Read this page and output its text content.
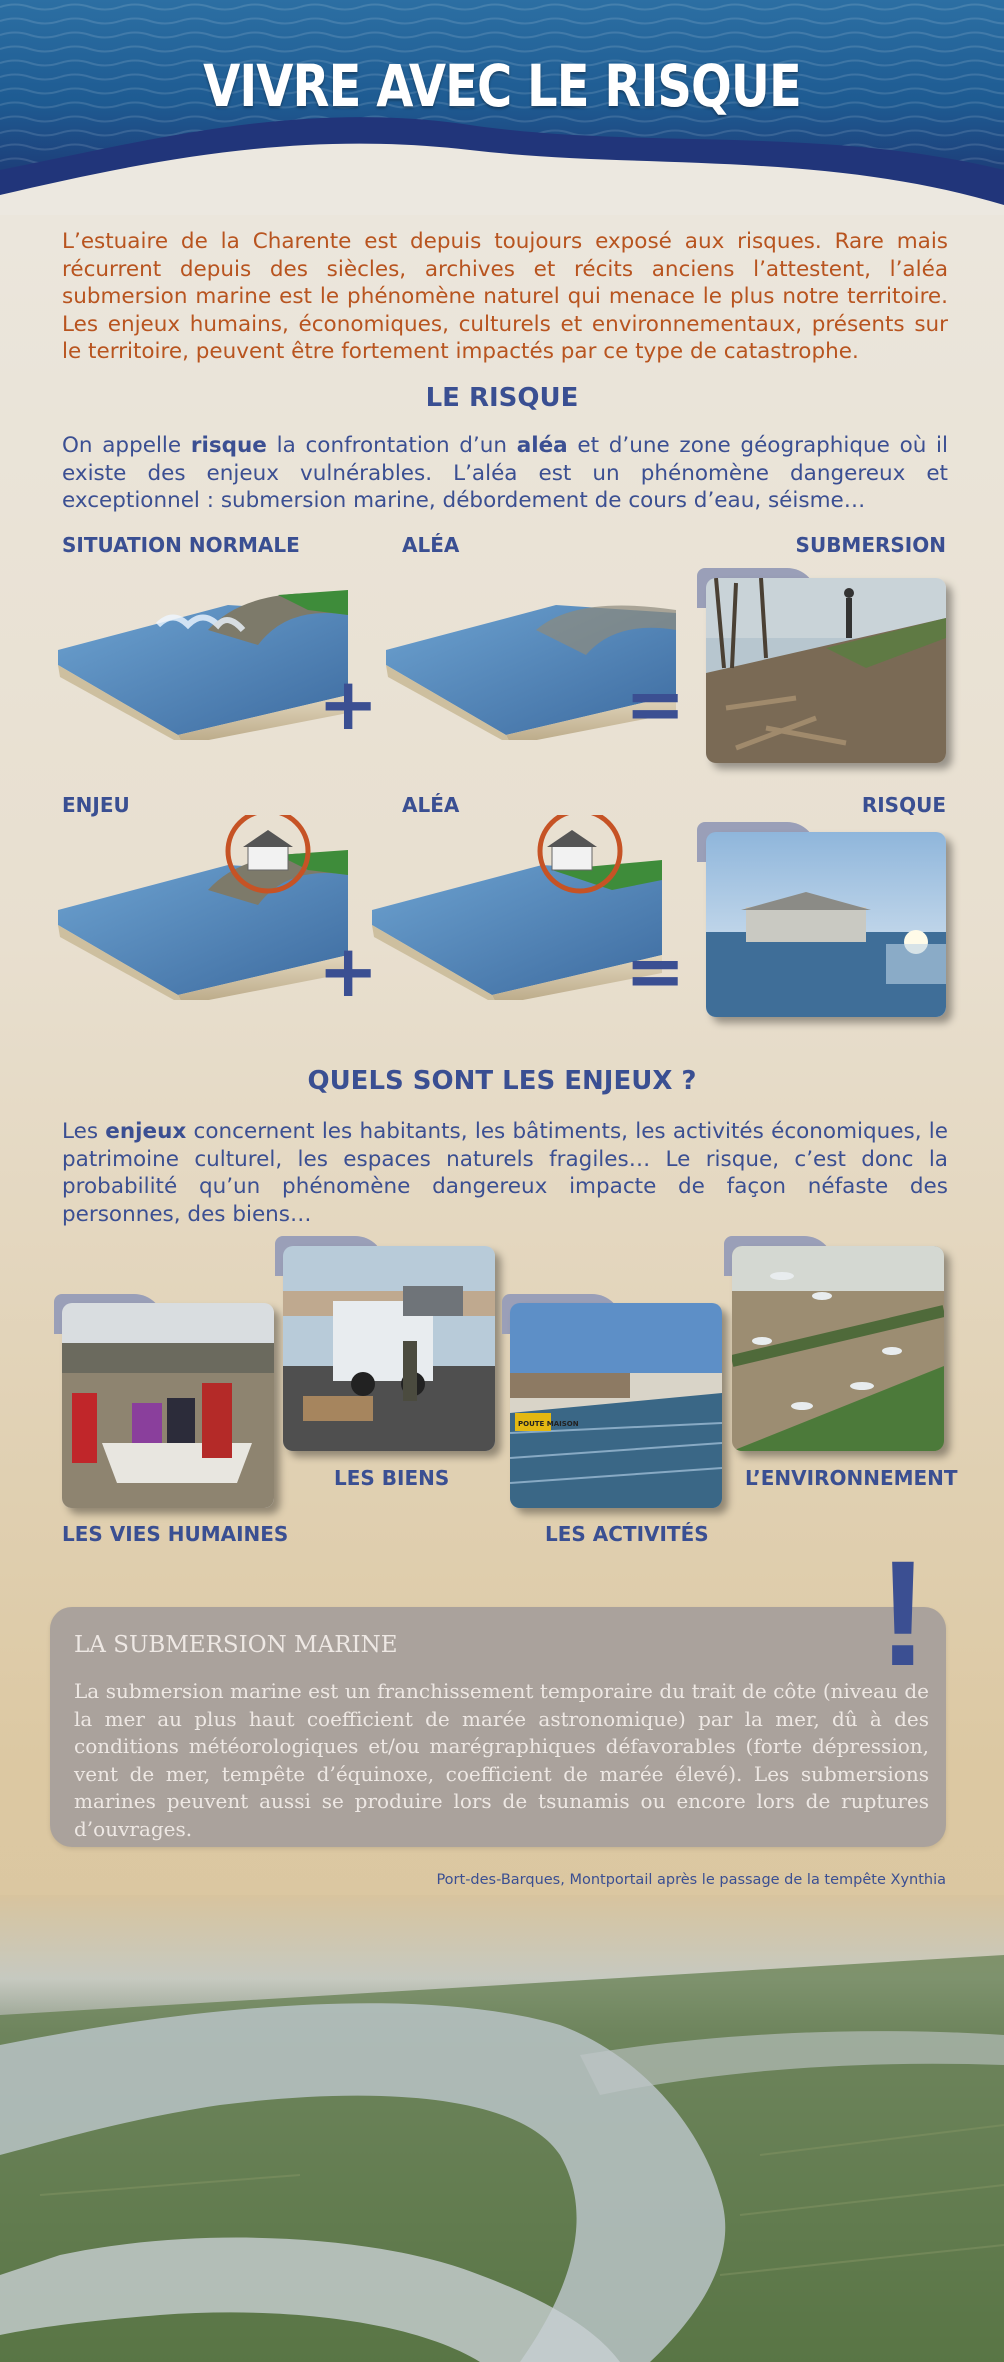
VIVRE AVEC LE RISQUE

L’estuaire de la Charente est depuis toujours exposé aux risques. Rare mais récurrent depuis des siècles, archives et récits anciens l’attestent, l’aléa submersion marine est le phénomène naturel qui menace le plus notre territoire. Les enjeux humains, économiques, culturels et environnementaux, présents sur le territoire, peuvent être fortement impactés par ce type de catastrophe.

LE RISQUE

On appelle risque la confrontation d’un aléa et d’une zone géographique où il existe des enjeux vulnérables. L’aléa est un phénomène dangereux et exceptionnel : submersion marine, débordement de cours d’eau, séisme…

SITUATION NORMALE	ALÉA	SUBMERSION
+	=
ENJEU	ALÉA	RISQUE
+	=
QUELS SONT LES ENJEUX ?

Les enjeux concernent les habitants, les bâtiments, les activités économiques, le patrimoine culturel, les espaces naturels fragiles… Le risque, c’est donc la probabilité qu’un phénomène dangereux impacte de façon néfaste des personnes, des biens…

POUTE MAISON
LES VIES HUMAINES
LES BIENS
LES ACTIVITÉS
L’ENVIRONNEMENT
!
LA SUBMERSION MARINE

La submersion marine est un franchissement temporaire du trait de côte (niveau de la mer au plus haut coefficient de marée astronomique) par la mer, dû à des conditions météorologiques et/ou marégraphiques défavorables (forte dépression, vent de mer, tempête d’équinoxe, coefficient de marée élevé). Les submersions marines peuvent aussi se produire lors de tsunamis ou encore lors de ruptures d’ouvrages.

Port-des-Barques, Montportail après le passage de la tempête Xynthia
